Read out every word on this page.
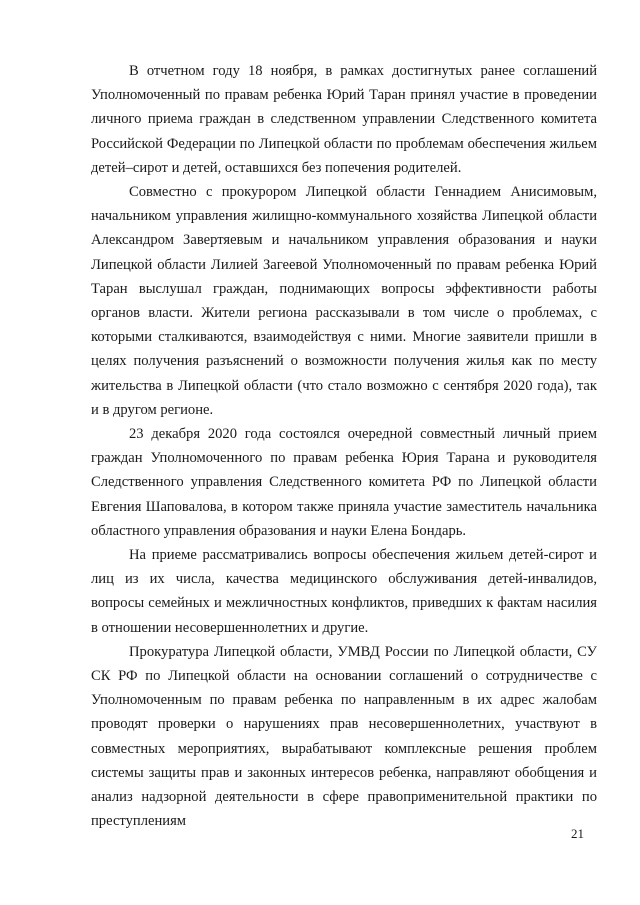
В отчетном году 18 ноября, в рамках достигнутых ранее соглашений Уполномоченный по правам ребенка Юрий Таран принял участие в проведении личного приема граждан в следственном управлении Следственного комитета Российской Федерации по Липецкой области по проблемам обеспечения жильем детей–сирот и детей, оставшихся без попечения родителей.

Совместно с прокурором Липецкой области Геннадием Анисимовым, начальником управления жилищно-коммунального хозяйства Липецкой области Александром Завертяевым и начальником управления образования и науки Липецкой области Лилией Загеевой Уполномоченный по правам ребенка Юрий Таран выслушал граждан, поднимающих вопросы эффективности работы органов власти. Жители региона рассказывали в том числе о проблемах, с которыми сталкиваются, взаимодействуя с ними. Многие заявители пришли в целях получения разъяснений о возможности получения жилья как по месту жительства в Липецкой области (что стало возможно с сентября 2020 года), так и в другом регионе.

23 декабря 2020 года состоялся очередной совместный личный прием граждан Уполномоченного по правам ребенка Юрия Тарана и руководителя Следственного управления Следственного комитета РФ по Липецкой области Евгения Шаповалова, в котором также приняла участие заместитель начальника областного управления образования и науки Елена Бондарь.

На приеме рассматривались вопросы обеспечения жильем детей-сирот и лиц из их числа, качества медицинского обслуживания детей-инвалидов, вопросы семейных и межличностных конфликтов, приведших к фактам насилия в отношении несовершеннолетних и другие.

Прокуратура Липецкой области, УМВД России по Липецкой области, СУ СК РФ по Липецкой области на основании соглашений о сотрудничестве с Уполномоченным по правам ребенка по направленным в их адрес жалобам проводят проверки о нарушениях прав несовершеннолетних, участвуют в совместных мероприятиях, вырабатывают комплексные решения проблем системы защиты прав и законных интересов ребенка, направляют обобщения и анализ надзорной деятельности в сфере правоприменительной практики по преступлениям

21
